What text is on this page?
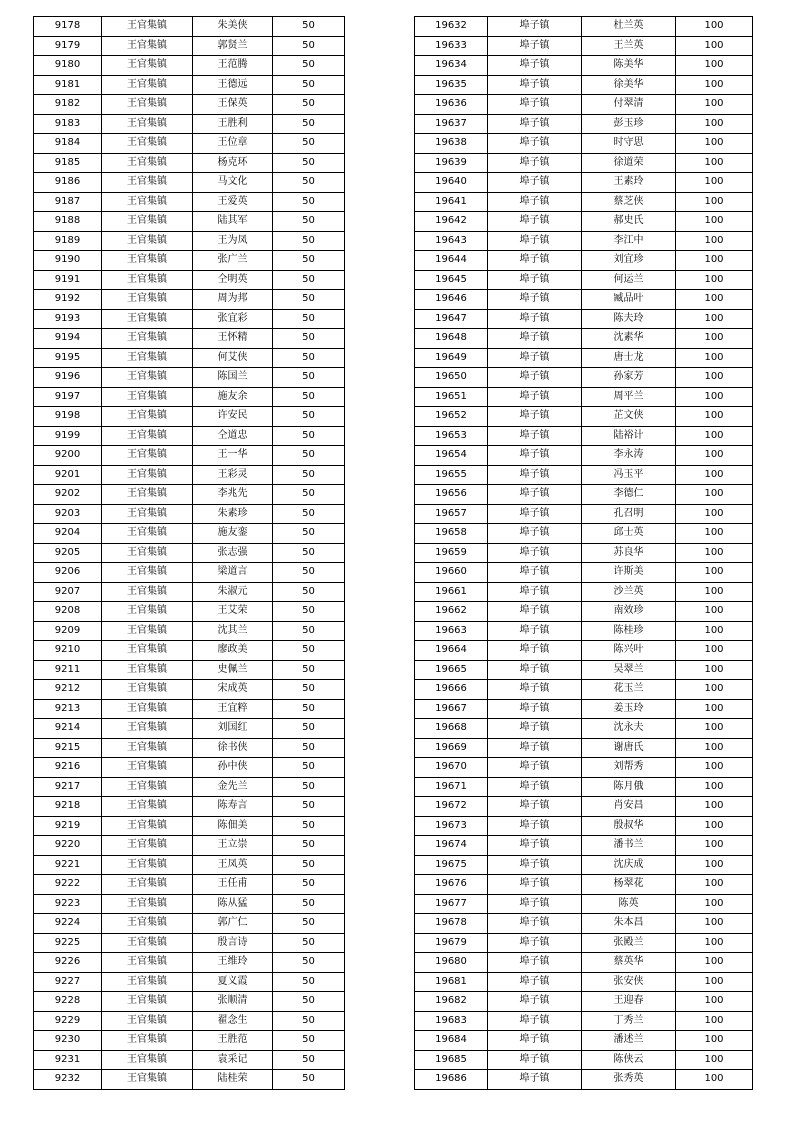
9178	王官集镇	朱美侠	50
9179	王官集镇	郭贤兰	50
9180	王官集镇	王范腾	50
9181	王官集镇	王德远	50
9182	王官集镇	王保英	50
9183	王官集镇	王胜利	50
9184	王官集镇	王位章	50
9185	王官集镇	杨克环	50
9186	王官集镇	马文化	50
9187	王官集镇	王爱英	50
9188	王官集镇	陆其军	50
9189	王官集镇	王为凤	50
9190	王官集镇	张广兰	50
9191	王官集镇	仝明英	50
9192	王官集镇	周为邦	50
9193	王官集镇	张宜彩	50
9194	王官集镇	王怀精	50
9195	王官集镇	何艾侠	50
9196	王官集镇	陈国兰	50
9197	王官集镇	施友余	50
9198	王官集镇	许安民	50
9199	王官集镇	仝道忠	50
9200	王官集镇	王一华	50
9201	王官集镇	王彩灵	50
9202	王官集镇	李兆先	50
9203	王官集镇	朱素珍	50
9204	王官集镇	施友銮	50
9205	王官集镇	张志强	50
9206	王官集镇	梁道言	50
9207	王官集镇	朱淑元	50
9208	王官集镇	王艾荣	50
9209	王官集镇	沈其兰	50
9210	王官集镇	廖政美	50
9211	王官集镇	史佩兰	50
9212	王官集镇	宋成英	50
9213	王官集镇	王宜粹	50
9214	王官集镇	刘国红	50
9215	王官集镇	徐书侠	50
9216	王官集镇	孙中侠	50
9217	王官集镇	金先兰	50
9218	王官集镇	陈寿言	50
9219	王官集镇	陈佃美	50
9220	王官集镇	王立崇	50
9221	王官集镇	王凤英	50
9222	王官集镇	王任甫	50
9223	王官集镇	陈从猛	50
9224	王官集镇	郭广仁	50
9225	王官集镇	殷言诗	50
9226	王官集镇	王维玲	50
9227	王官集镇	夏义霞	50
9228	王官集镇	张顺清	50
9229	王官集镇	翟念生	50
9230	王官集镇	王胜范	50
9231	王官集镇	袁采记	50
9232	王官集镇	陆桂荣	50
19632	埠子镇	杜兰英	100
19633	埠子镇	王兰英	100
19634	埠子镇	陈美华	100
19635	埠子镇	徐美华	100
19636	埠子镇	付翠清	100
19637	埠子镇	彭玉珍	100
19638	埠子镇	时守思	100
19639	埠子镇	徐道荣	100
19640	埠子镇	王素玲	100
19641	埠子镇	蔡芝侠	100
19642	埠子镇	郝史氏	100
19643	埠子镇	李江中	100
19644	埠子镇	刘宜珍	100
19645	埠子镇	何运兰	100
19646	埠子镇	臧品叶	100
19647	埠子镇	陈夫玲	100
19648	埠子镇	沈素华	100
19649	埠子镇	唐士龙	100
19650	埠子镇	孙家芳	100
19651	埠子镇	周平兰	100
19652	埠子镇	芷文侠	100
19653	埠子镇	陆裕计	100
19654	埠子镇	李永涛	100
19655	埠子镇	冯玉平	100
19656	埠子镇	李德仁	100
19657	埠子镇	孔召明	100
19658	埠子镇	邱士英	100
19659	埠子镇	苏良华	100
19660	埠子镇	许斯美	100
19661	埠子镇	沙兰英	100
19662	埠子镇	南效珍	100
19663	埠子镇	陈桂珍	100
19664	埠子镇	陈兴叶	100
19665	埠子镇	吴翠兰	100
19666	埠子镇	花玉兰	100
19667	埠子镇	姜玉玲	100
19668	埠子镇	沈永夫	100
19669	埠子镇	谢唐氏	100
19670	埠子镇	刘帮秀	100
19671	埠子镇	陈月俄	100
19672	埠子镇	肖安昌	100
19673	埠子镇	殷叔华	100
19674	埠子镇	潘书兰	100
19675	埠子镇	沈庆成	100
19676	埠子镇	杨翠花	100
19677	埠子镇	陈英	100
19678	埠子镇	朱本昌	100
19679	埠子镇	张殿兰	100
19680	埠子镇	蔡英华	100
19681	埠子镇	张安侠	100
19682	埠子镇	王迎春	100
19683	埠子镇	丁秀兰	100
19684	埠子镇	潘述兰	100
19685	埠子镇	陈侠云	100
19686	埠子镇	张秀英	100
